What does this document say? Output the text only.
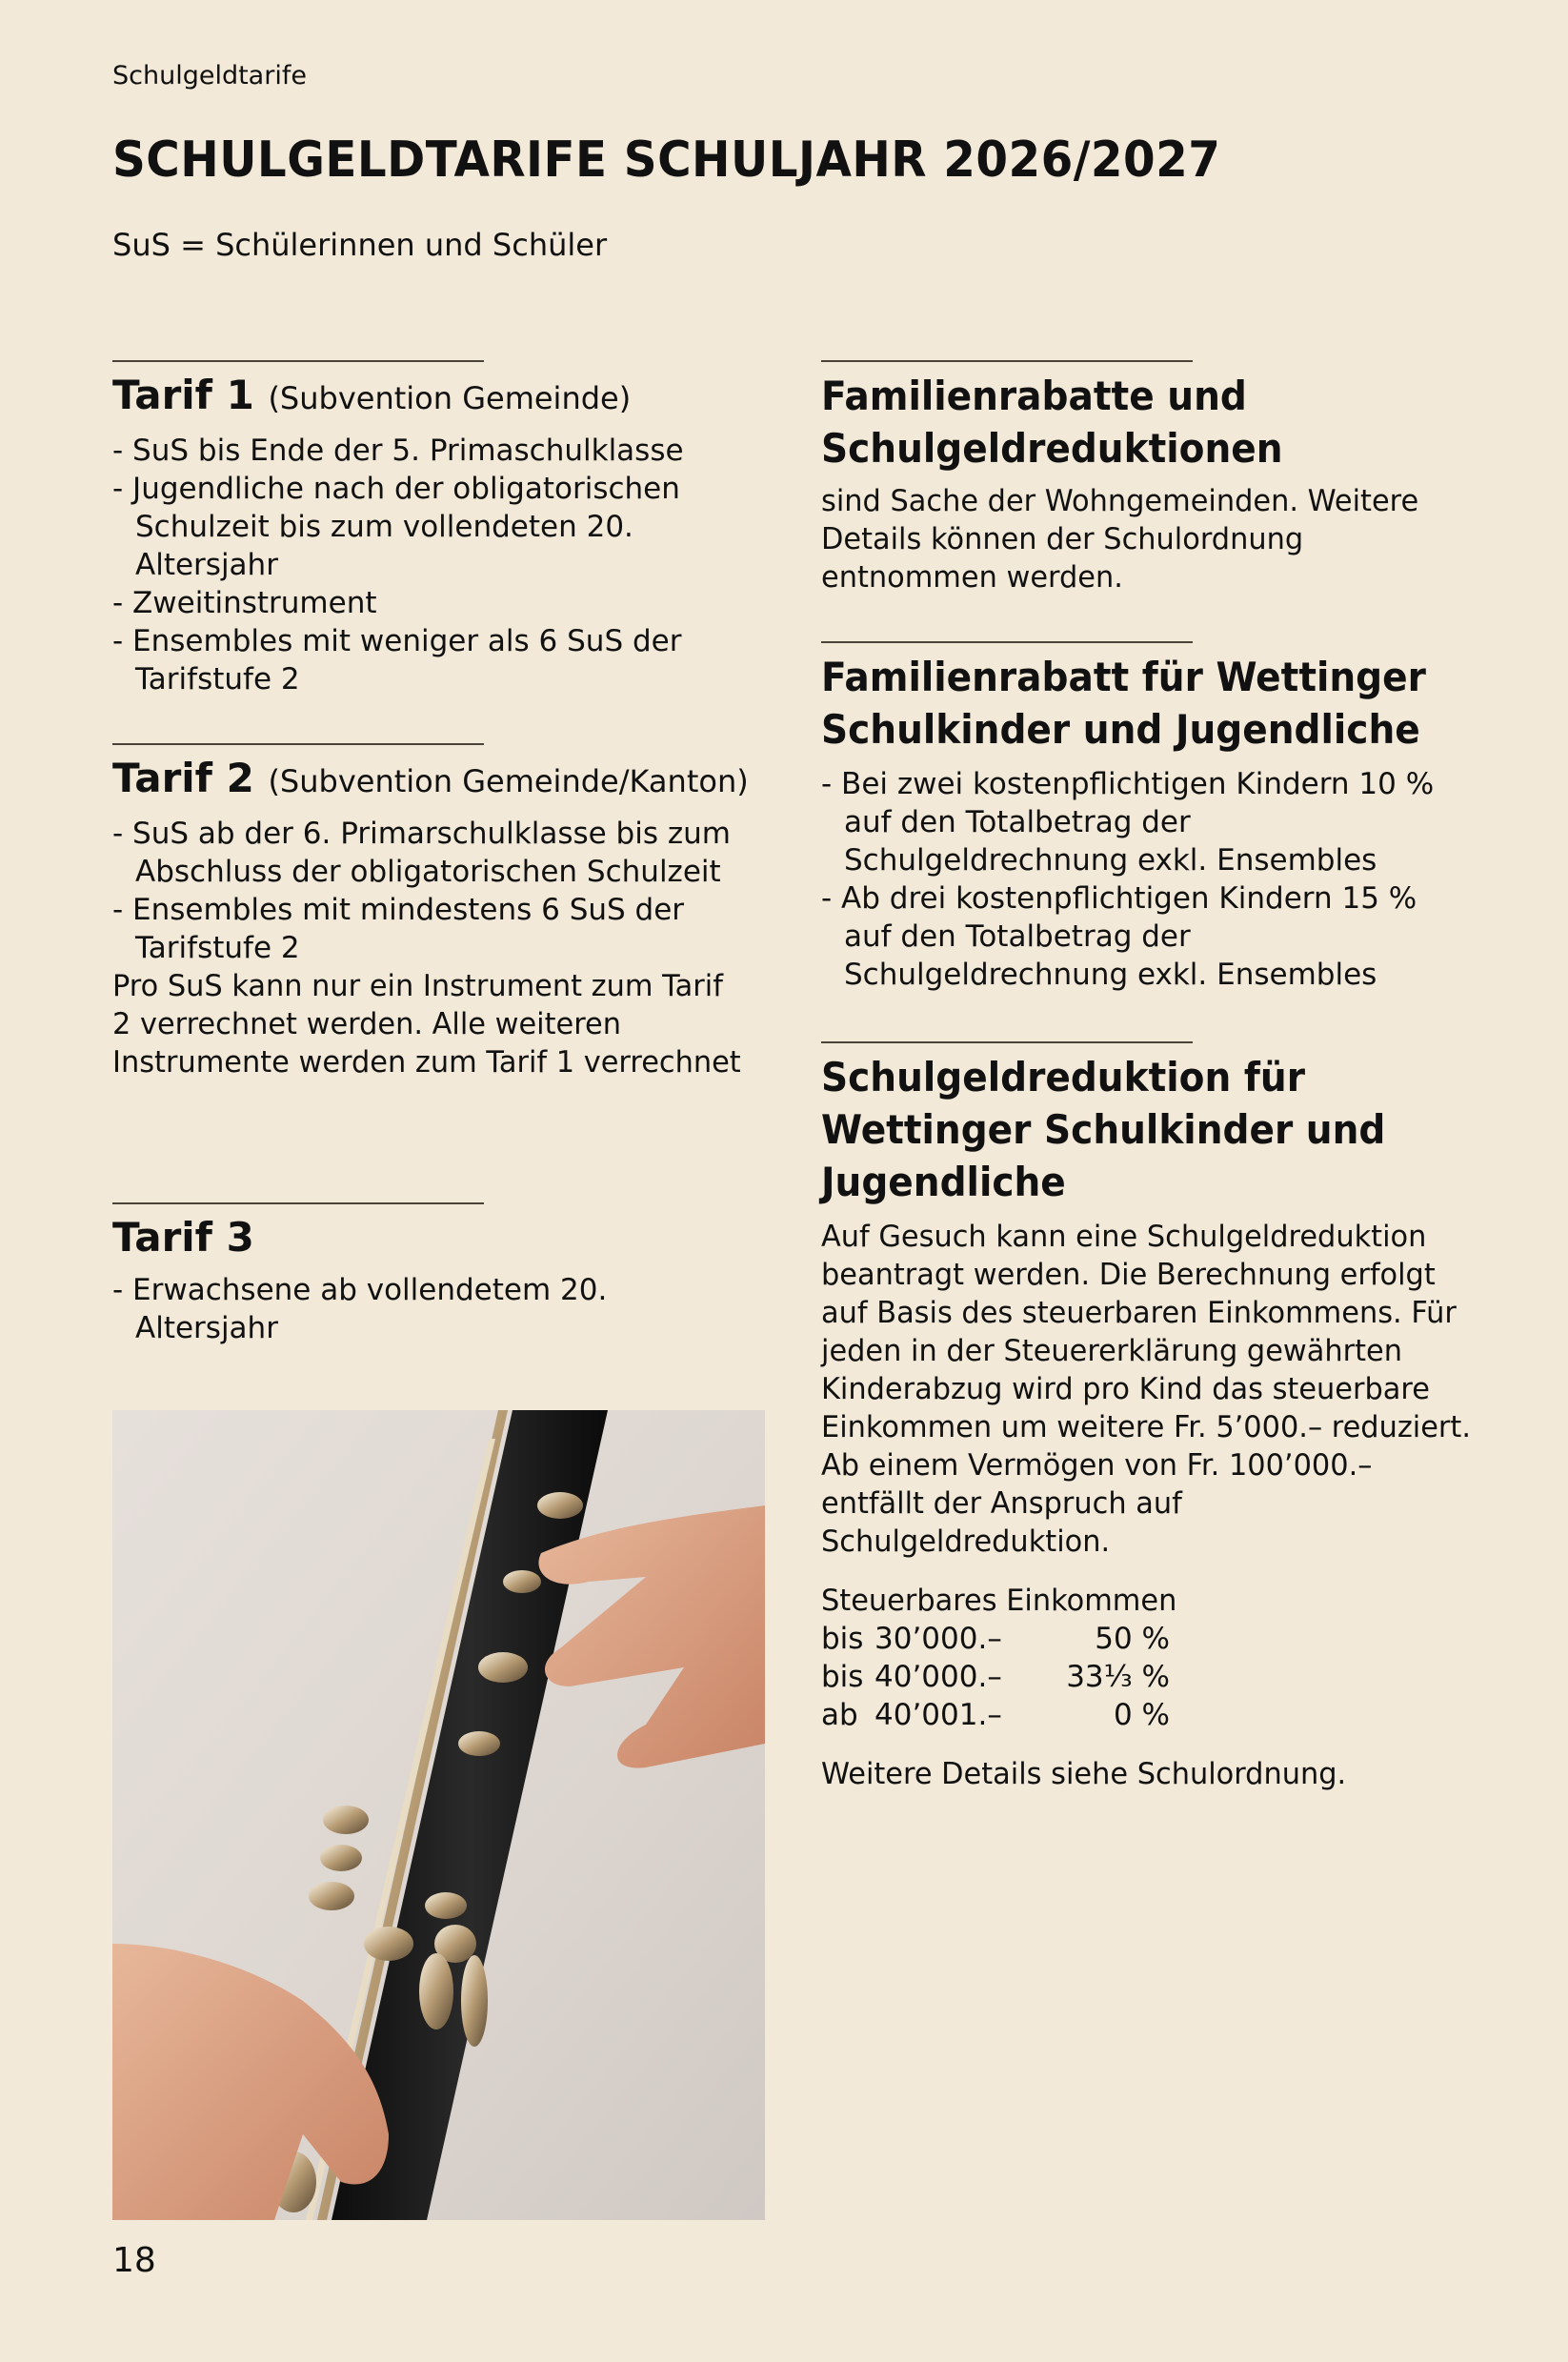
Schulgeldtarife
SCHULGELDTARIFE SCHULJAHR 2026/2027
SuS = Schülerinnen und Schüler
Tarif 1 (Subvention Gemeinde)
- SuS bis Ende der 5. Primaschulklasse
- Jugendliche nach der obligatorischen Schulzeit bis zum vollendeten 20. Altersjahr
- Zweitinstrument
- Ensembles mit weniger als 6 SuS der Tarifstufe 2
Tarif 2 (Subvention Gemeinde/Kanton)
- SuS ab der 6. Primarschulklasse bis zum Abschluss der obligatorischen Schulzeit
- Ensembles mit mindestens 6 SuS der Tarifstufe 2

Pro SuS kann nur ein Instrument zum Tarif 2 verrechnet werden. Alle weiteren Instrumente werden zum Tarif 1 verrechnet

Tarif 3
- Erwachsene ab vollendetem 20. Altersjahr
Familienrabatte und Schulgeldreduktionen

sind Sache der Wohngemeinden. Weitere Details können der Schulordnung entnommen werden.

Familienrabatt für Wettinger Schulkinder und Jugendliche
- Bei zwei kostenpflichtigen Kindern 10 % auf den Totalbetrag der Schulgeldrechnung exkl. Ensembles
- Ab drei kostenpflichtigen Kindern 15 % auf den Totalbetrag der Schulgeldrechnung exkl. Ensembles
Schulgeldreduktion für Wettinger Schulkinder und Jugendliche

Auf Gesuch kann eine Schulgeldreduktion beantragt werden. Die Berechnung erfolgt auf Basis des steuerbaren Einkommens. Für jeden in der Steuererklärung gewährten Kinderabzug wird pro Kind das steuerbare Einkommen um weitere Fr. 5’000.– reduziert. Ab einem Vermögen von Fr. 100’000.– entfällt der Anspruch auf Schulgeldreduktion.

Steuerbares Einkommen

bis	30’000.–	50 %
bis	40’000.–	33⅓ %
ab	40’001.–	0 %

Weitere Details siehe Schulordnung.

18
